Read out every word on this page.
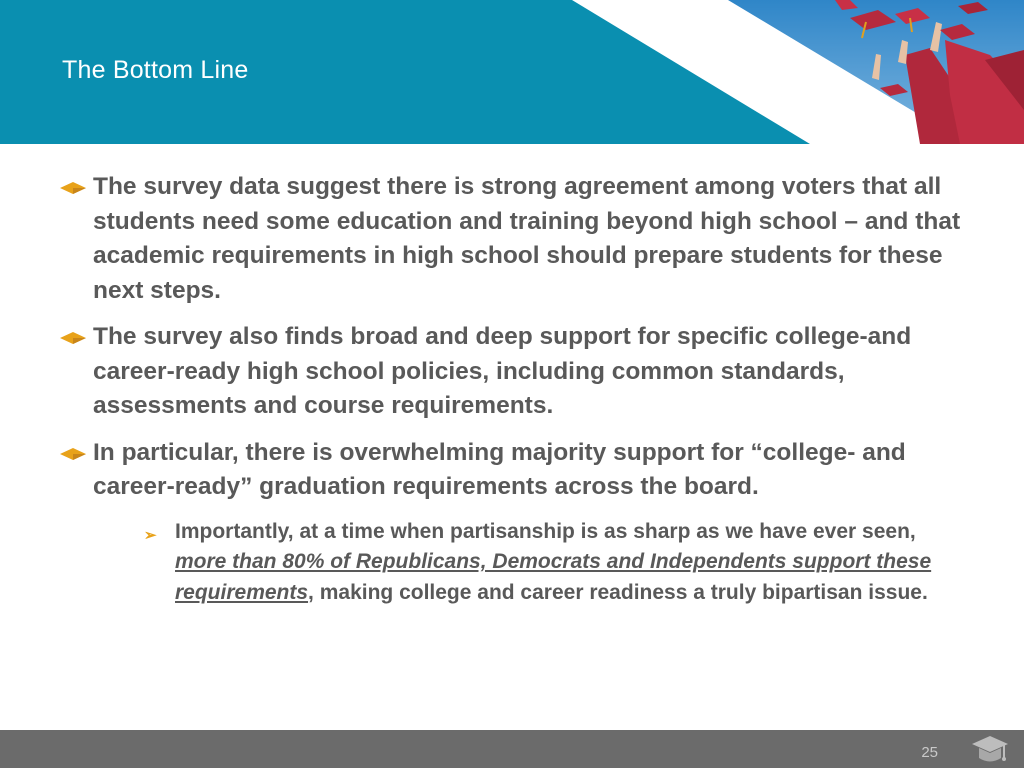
The Bottom Line
The survey data suggest there is strong agreement among voters that all students need some education and training beyond high school – and that academic requirements in high school should prepare students for these next steps.
The survey also finds broad and deep support for specific college-and career-ready high school policies, including common standards, assessments and course requirements.
In particular, there is overwhelming majority support for “college- and career-ready” graduation requirements across the board.
➢ Importantly, at a time when partisanship is as sharp as we have ever seen, more than 80% of Republicans, Democrats and Independents support these requirements, making college and career readiness a truly bipartisan issue.
25
